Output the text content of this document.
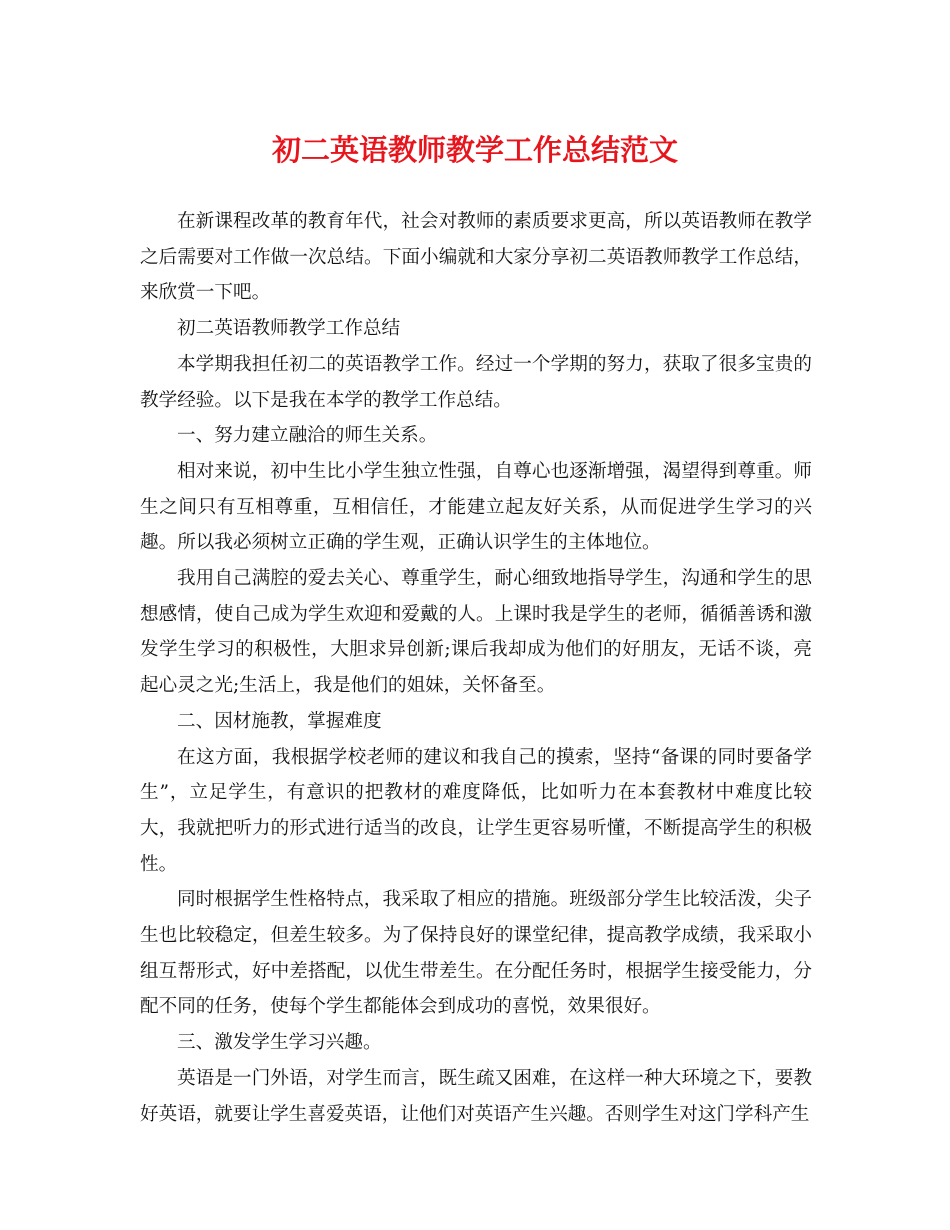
初二英语教师教学工作总结范文

在新课程改革的教育年代，社会对教师的素质要求更高，所以英语教师在教学之后需要对工作做一次总结。下面小编就和大家分享初二英语教师教学工作总结，来欣赏一下吧。

初二英语教师教学工作总结

本学期我担任初二的英语教学工作。经过一个学期的努力，获取了很多宝贵的教学经验。以下是我在本学的教学工作总结。

一、努力建立融洽的师生关系。

相对来说，初中生比小学生独立性强，自尊心也逐渐增强，渴望得到尊重。师生之间只有互相尊重，互相信任，才能建立起友好关系，从而促进学生学习的兴趣。所以我必须树立正确的学生观，正确认识学生的主体地位。

我用自己满腔的爱去关心、尊重学生，耐心细致地指导学生，沟通和学生的思想感情，使自己成为学生欢迎和爱戴的人。上课时我是学生的老师，循循善诱和激发学生学习的积极性，大胆求异创新;课后我却成为他们的好朋友，无话不谈，亮起心灵之光;生活上，我是他们的姐妹，关怀备至。

二、因材施教，掌握难度

在这方面，我根据学校老师的建议和我自己的摸索，坚持“备课的同时要备学生”，立足学生，有意识的把教材的难度降低，比如听力在本套教材中难度比较大，我就把听力的形式进行适当的改良，让学生更容易听懂，不断提高学生的积极性。

同时根据学生性格特点，我采取了相应的措施。班级部分学生比较活泼，尖子生也比较稳定，但差生较多。为了保持良好的课堂纪律，提高教学成绩，我采取小组互帮形式，好中差搭配，以优生带差生。在分配任务时，根据学生接受能力，分配不同的任务，使每个学生都能体会到成功的喜悦，效果很好。

三、激发学生学习兴趣。

英语是一门外语，对学生而言，既生疏又困难，在这样一种大环境之下，要教好英语，就要让学生喜爱英语，让他们对英语产生兴趣。否则学生对这门学科产生
